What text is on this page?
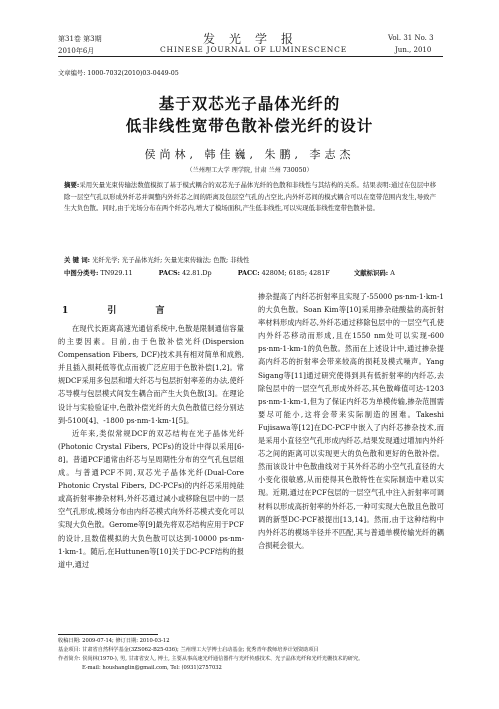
第31卷 第3期
2010年6月
发光学报
CHINESE JOURNAL OF LUMINESCENCE
Vol. 31 No. 3
Jun., 2010
文章编号: 1000-7032(2010)03-0449-05
基于双芯光子晶体光纤的
低非线性宽带色散补偿光纤的设计
侯尚林, 韩佳巍, 朱鹏, 李志杰
（兰州理工大学 理学院, 甘肃 兰州 730050）
摘要:采用矢量光束传输法数值模拟了基于模式耦合的双芯光子晶体光纤的色散和非线性与其结构的关系。结果表明:通过在包层中移除一层空气孔以形成外纤芯并调整内外纤芯之间的距离及包层空气孔的占空比,内外纤芯间的模式耦合可以在宽带范围内发生,导致产生大负色散。同时,由于光场分布在两个纤芯内,增大了模场面积,产生低非线性,可以实现低非线性宽带色散补偿。
关 键 词: 光纤光学; 光子晶体光纤; 矢量光束传输法; 色散; 非线性
中图分类号: TN929.11	PACS: 42.81.Dp	PACC: 4280M; 6185; 4281F	文献标识码: A
1 引 言

在现代长距离高速光通信系统中,色散是限制通信容量的主要因素。目前,由于色散补偿光纤(Dispersion Compensation Fibers, DCF)技术具有相对简单和成熟,并且插入损耗低等优点而被广泛应用于色散补偿[1,2]。常规DCF采用多包层和增大纤芯与包层折射率差的办法,使纤芯导模与包层模式间发生耦合而产生大负色散[3]。在理论设计与实验验证中,色散补偿光纤的大负色散值已经分别达到-5100[4]、-1800 ps·nm-1·km-1[5]。

近年来,类似常规DCF的双芯结构在光子晶体光纤(Photonic Crystal Fibers, PCFs)的设计中得以采用[6-8]。普通PCF通常由纤芯与呈周期性分布的空气孔包层组成。与普通PCF不同,双芯光子晶体光纤(Dual-Core Photonic Crystal Fibers, DC-PCFs)的内纤芯采用纯硅或高折射率掺杂材料,外纤芯通过减小或移除包层中的一层空气孔形成,模场分布由内纤芯模式向外纤芯模式变化可以实现大负色散。Gerome等[9]最先将双芯结构应用于PCF的设计,且数值模拟的大负色散可以达到-10000 ps·nm-1·km-1。随后,在Huttunen等[10]关于DC-PCF结构的报道中,通过

掺杂提高了内纤芯折射率且实现了-55000 ps·nm-1·km-1的大负色散。Soan Kim等[10]采用掺杂硅酸盐的高折射率材料形成内纤芯,外纤芯通过移除包层中的一层空气孔使内外纤芯移动而形成,且在1550 nm处可以实现-600 ps·nm-1·km-1的负色散。然而在上述设计中,通过掺杂提高内纤芯的折射率会带来较高的损耗及模式噪声。Yang Sigang等[11]通过研究使得到具有低折射率的内纤芯,去除包层中的一层空气孔形成外纤芯,其色散峰值可达-1203 ps·nm-1·km-1,但为了保证内纤芯为单模传输,掺杂范围需要尽可能小,这将会带来实际制造的困难。Takeshi Fujisawa等[12]在DC-PCF中嵌入了内纤芯掺杂技术,而是采用小直径空气孔形成内纤芯,结果发现通过增加内外纤芯之间的距离可以实现更大的负色散和更好的色散补偿。然而该设计中色散曲线对于其外纤芯的小空气孔直径的大小变化很敏感,从而使得其色散特性在实际制造中难以实现。近期,通过在PCF包层的一层空气孔中注入折射率可调材料以形成高折射率的外纤芯,一种可实现大色散且色散可调的新型DC-PCF被提出[13,14]。然而,由于这种结构中内外纤芯的模场半径并不匹配,其与普通单模传输光纤的耦合损耗会很大。

收稿日期: 2009-07-14; 修订日期: 2010-03-12
基金项目: 甘肃省自然科学基金(3ZS062-B25-036); 兰州理工大学博士启动基金; 优秀青年教师培养计划资助项目
作者简介: 侯尚林(1970-), 男, 甘肃省安人, 博士, 主要从事高速光纤通信器件与光纤传感技术、光子晶体光纤和光纤光栅技术的研究。
E-mail: houshanglin@gmail.com, Tel: (0931)2757032
